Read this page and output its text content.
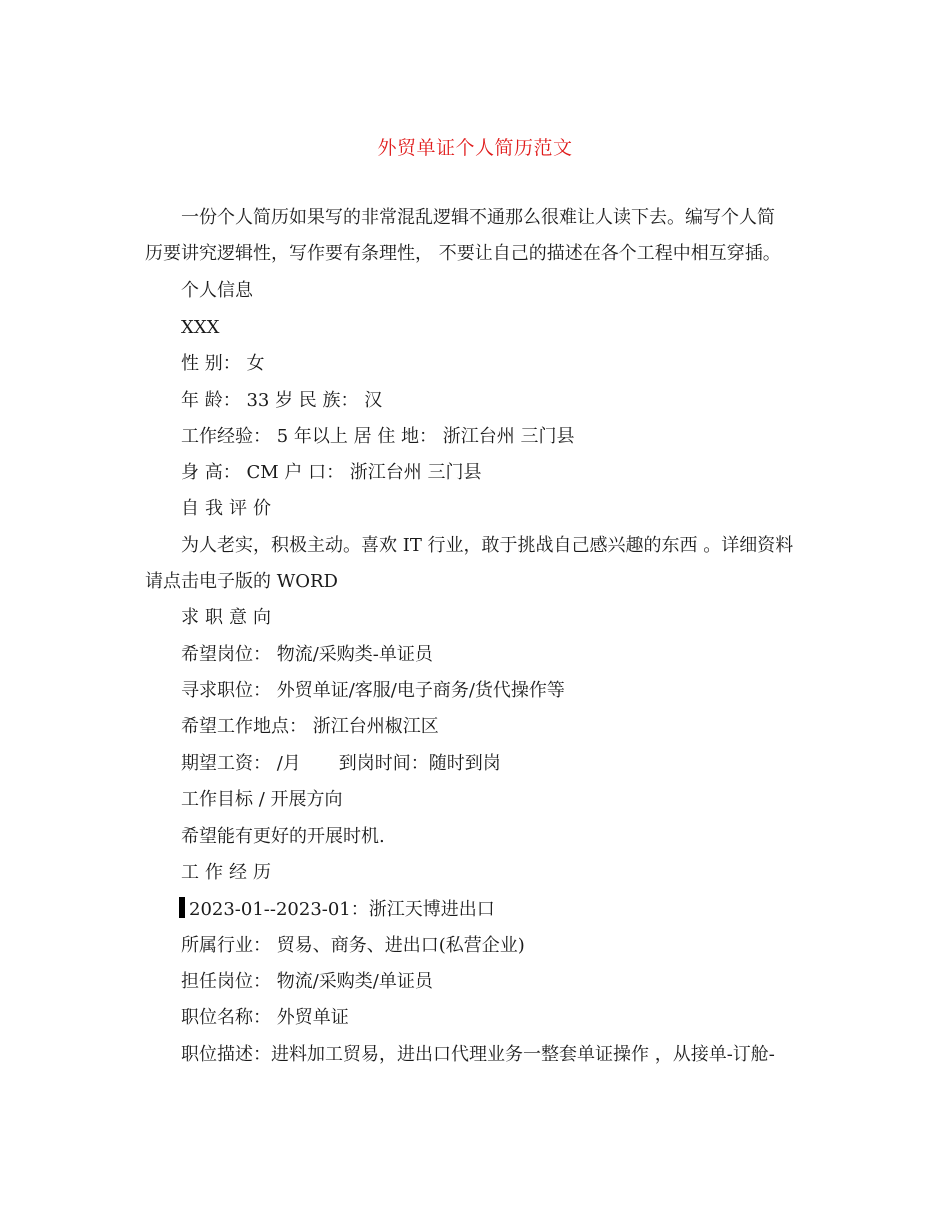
外贸单证个人简历范文
一份个人简历如果写的非常混乱逻辑不通那么很难让人读下去。编写个人简
历要讲究逻辑性，写作要有条理性， 不要让自己的描述在各个工程中相互穿插。
个人信息
XXX
性 别： 女
年 龄： 33 岁 民 族： 汉
工作经验： 5 年以上 居 住 地： 浙江台州 三门县
身 高： CM 户 口： 浙江台州 三门县
自我评价
为人老实，积极主动。喜欢 IT 行业，敢于挑战自己感兴趣的东西 。详细资料
请点击电子版的 WORD
求职意向
希望岗位： 物流/采购类-单证员
寻求职位： 外贸单证/客服/电子商务/货代操作等
希望工作地点： 浙江台州椒江区
期望工资： /月 到岗时间：随时到岗
工作目标 / 开展方向
希望能有更好的开展时机.
工作经历
2023-01--2023-01：浙江天博进出口
所属行业： 贸易、商务、进出口(私营企业)
担任岗位： 物流/采购类/单证员
职位名称： 外贸单证
职位描述：进料加工贸易，进出口代理业务一整套单证操作 ，从接单-订舱-
